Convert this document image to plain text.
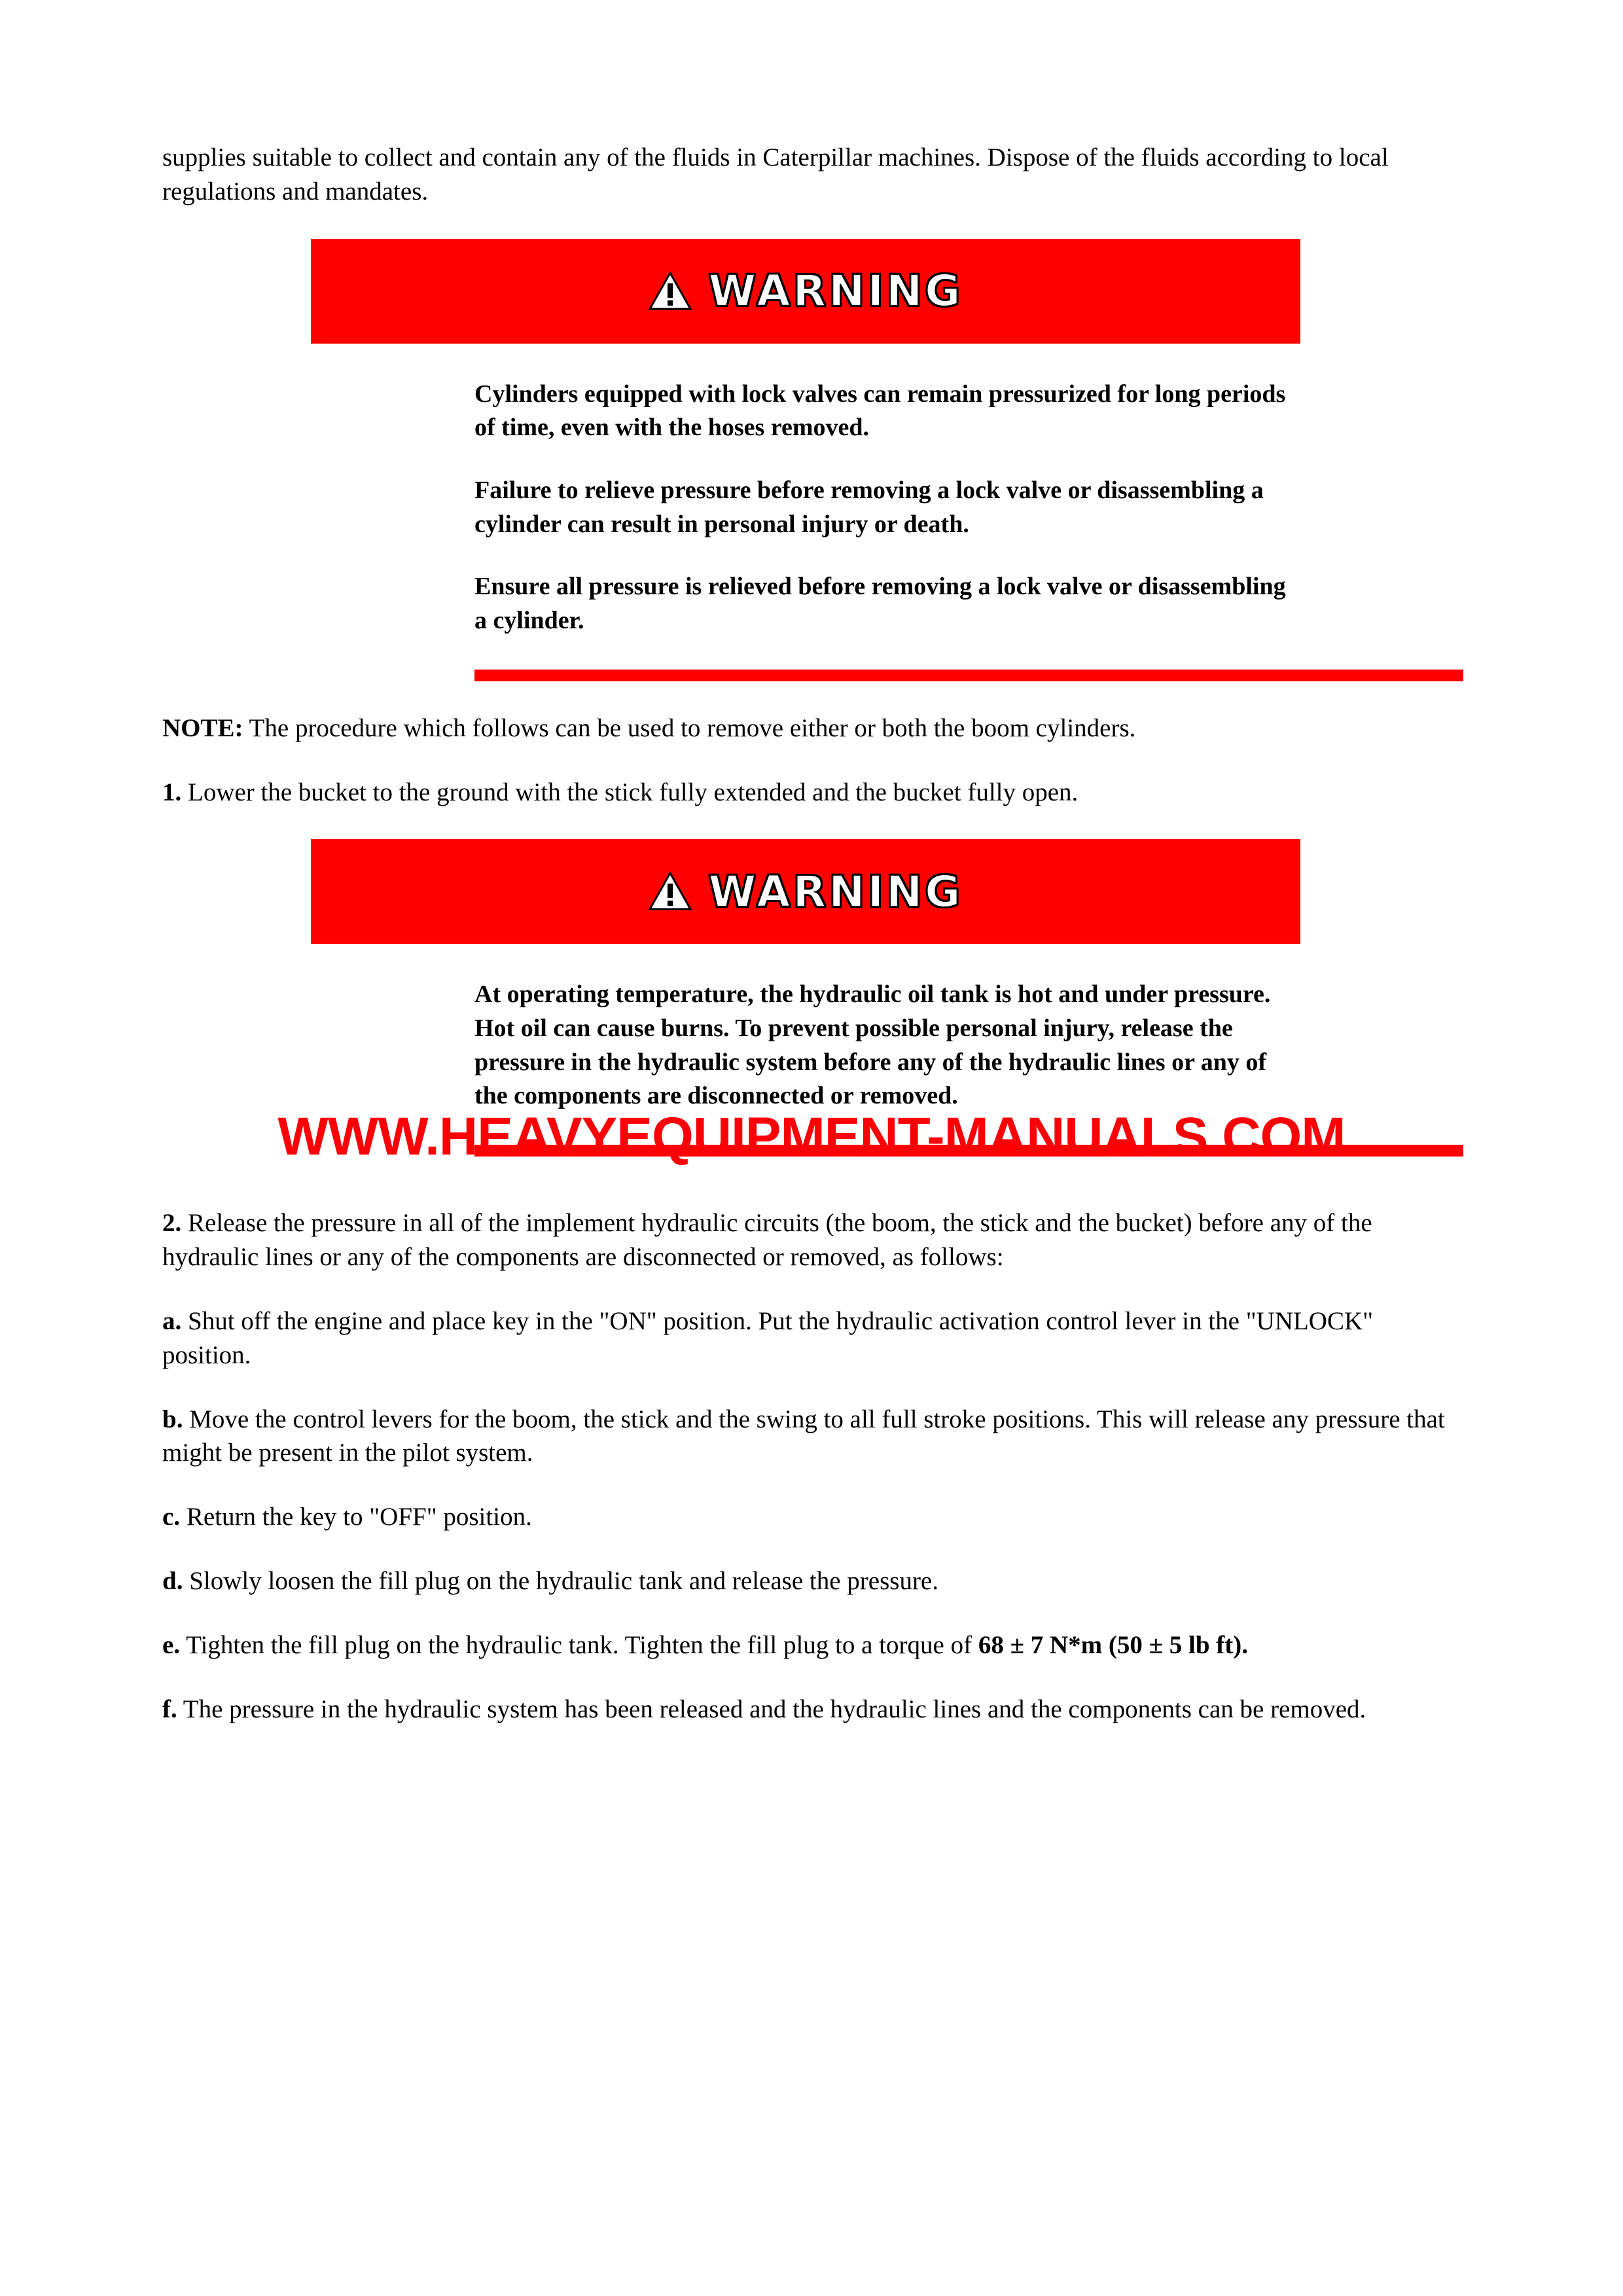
supplies suitable to collect and contain any of the fluids in Caterpillar machines. Dispose of the fluids according to local regulations and mandates.

WARNING

Cylinders equipped with lock valves can remain pressurized for long periods of time, even with the hoses removed.

Failure to relieve pressure before removing a lock valve or disassembling a cylinder can result in personal injury or death.

Ensure all pressure is relieved before removing a lock valve or disassembling a cylinder.

NOTE: The procedure which follows can be used to remove either or both the boom cylinders.

1. Lower the bucket to the ground with the stick fully extended and the bucket fully open.

WARNING

At operating temperature, the hydraulic oil tank is hot and under pressure. Hot oil can cause burns. To prevent possible personal injury, release the pressure in the hydraulic system before any of the hydraulic lines or any of the components are disconnected or removed.

2. Release the pressure in all of the implement hydraulic circuits (the boom, the stick and the bucket) before any of the hydraulic lines or any of the components are disconnected or removed, as follows:

a. Shut off the engine and place key in the "ON" position. Put the hydraulic activation control lever in the "UNLOCK" position.

b. Move the control levers for the boom, the stick and the swing to all full stroke positions. This will release any pressure that might be present in the pilot system.

c. Return the key to "OFF" position.

d. Slowly loosen the fill plug on the hydraulic tank and release the pressure.

e. Tighten the fill plug on the hydraulic tank. Tighten the fill plug to a torque of 68 ± 7 N*m (50 ± 5 lb ft).

f. The pressure in the hydraulic system has been released and the hydraulic lines and the components can be removed.

WWW.HEAVYEQUIPMENT-MANUALS.COM
